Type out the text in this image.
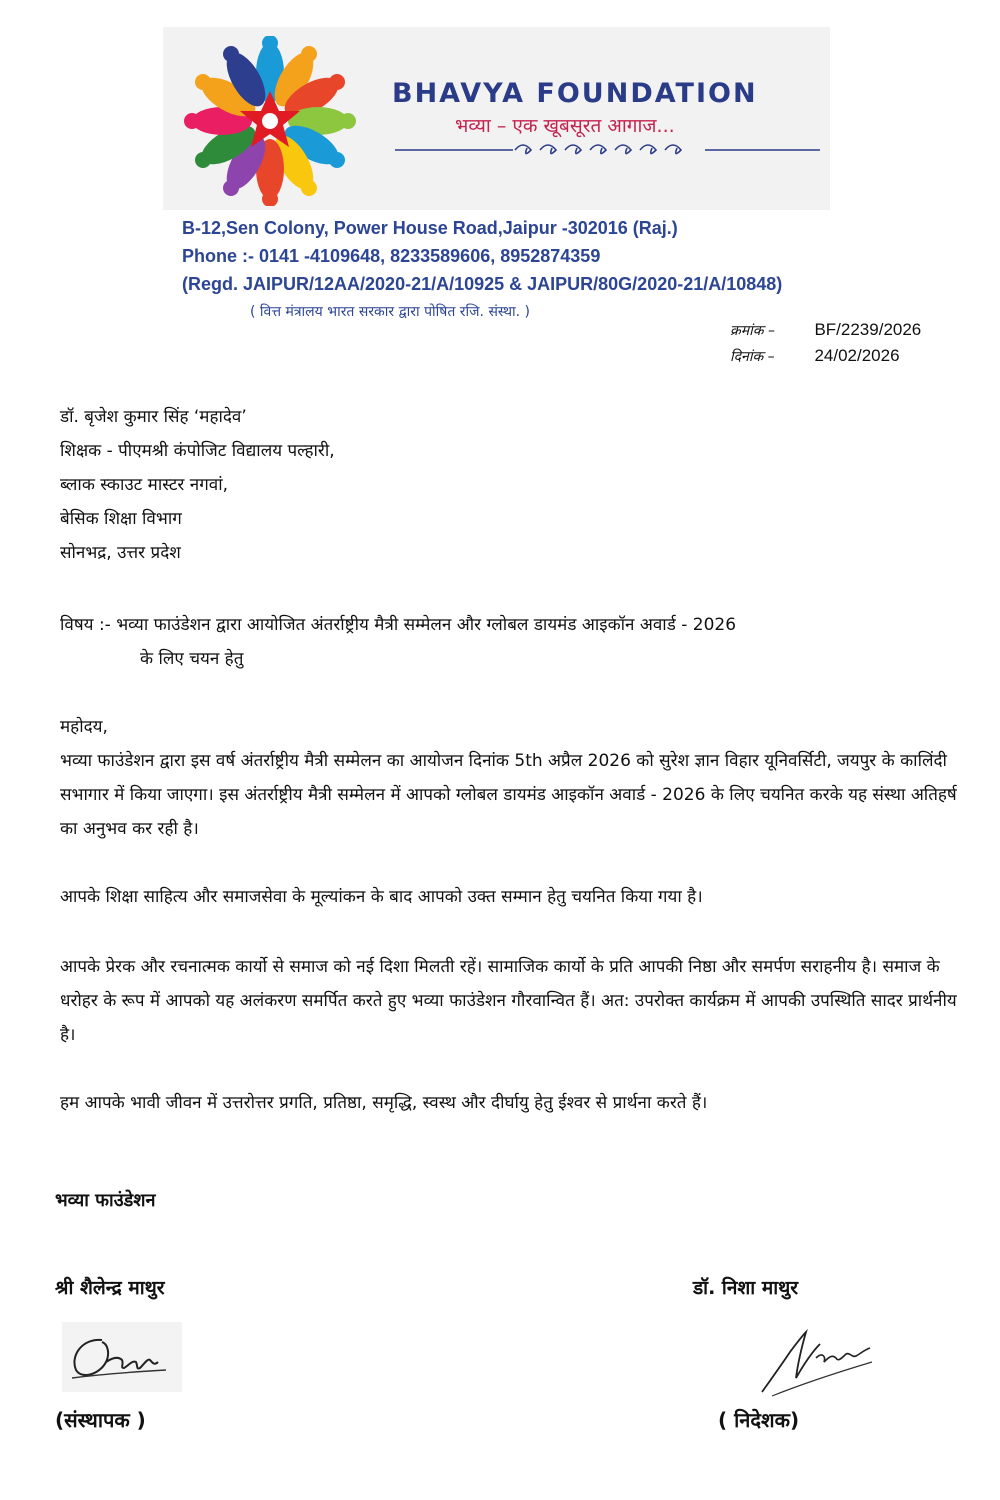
BHAVYA FOUNDATION
भव्या – एक खूबसूरत आगाज...
B-12,Sen Colony, Power House Road,Jaipur -302016 (Raj.)
Phone :- 0141 -4109648, 8233589606, 8952874359
(Regd. JAIPUR/12AA/2020-21/A/10925 & JAIPUR/80G/2020-21/A/10848)
( वित्त मंत्रालय भारत सरकार द्वारा पोषित रजि. संस्था. )
क्रमांक – BF/2239/2026
दिनांक – 24/02/2026
डॉ. बृजेश कुमार सिंह ‘महादेव’
शिक्षक - पीएमश्री कंपोजिट विद्यालय पल्हारी,
ब्लाक स्काउट मास्टर नगवां,
बेसिक शिक्षा विभाग
सोनभद्र, उत्तर प्रदेश
विषय :- भव्या फाउंडेशन द्वारा आयोजित अंतर्राष्ट्रीय मैत्री सम्मेलन और ग्लोबल डायमंड आइकॉन अवार्ड - 2026
के लिए चयन हेतु
महोदय,
भव्या फाउंडेशन द्वारा इस वर्ष अंतर्राष्ट्रीय मैत्री सम्मेलन का आयोजन दिनांक 5th अप्रैल 2026 को सुरेश ज्ञान विहार यूनिवर्सिटी, जयपुर के कालिंदी सभागार में किया जाएगा। इस अंतर्राष्ट्रीय मैत्री सम्मेलन में आपको ग्लोबल डायमंड आइकॉन अवार्ड - 2026 के लिए चयनित करके यह संस्था अतिहर्ष का अनुभव कर रही है।
आपके शिक्षा साहित्य और समाजसेवा के मूल्यांकन के बाद आपको उक्त सम्मान हेतु चयनित किया गया है।
आपके प्रेरक और रचनात्मक कार्यो से समाज को नई दिशा मिलती रहें। सामाजिक कार्यो के प्रति आपकी निष्ठा और समर्पण सराहनीय है। समाज के धरोहर के रूप में आपको यह अलंकरण समर्पित करते हुए भव्या फाउंडेशन गौरवान्वित हैं। अत: उपरोक्त कार्यक्रम में आपकी उपस्थिति सादर प्रार्थनीय है।
हम आपके भावी जीवन में उत्तरोत्तर प्रगति, प्रतिष्ठा, समृद्धि, स्वस्थ और दीर्घायु हेतु ईश्वर से प्रार्थना करते हैं।
भव्या फाउंडेशन
श्री शैलेन्द्र माथुर	डॉ. निशा माथुर
(संस्थापक )	( निदेशक)
